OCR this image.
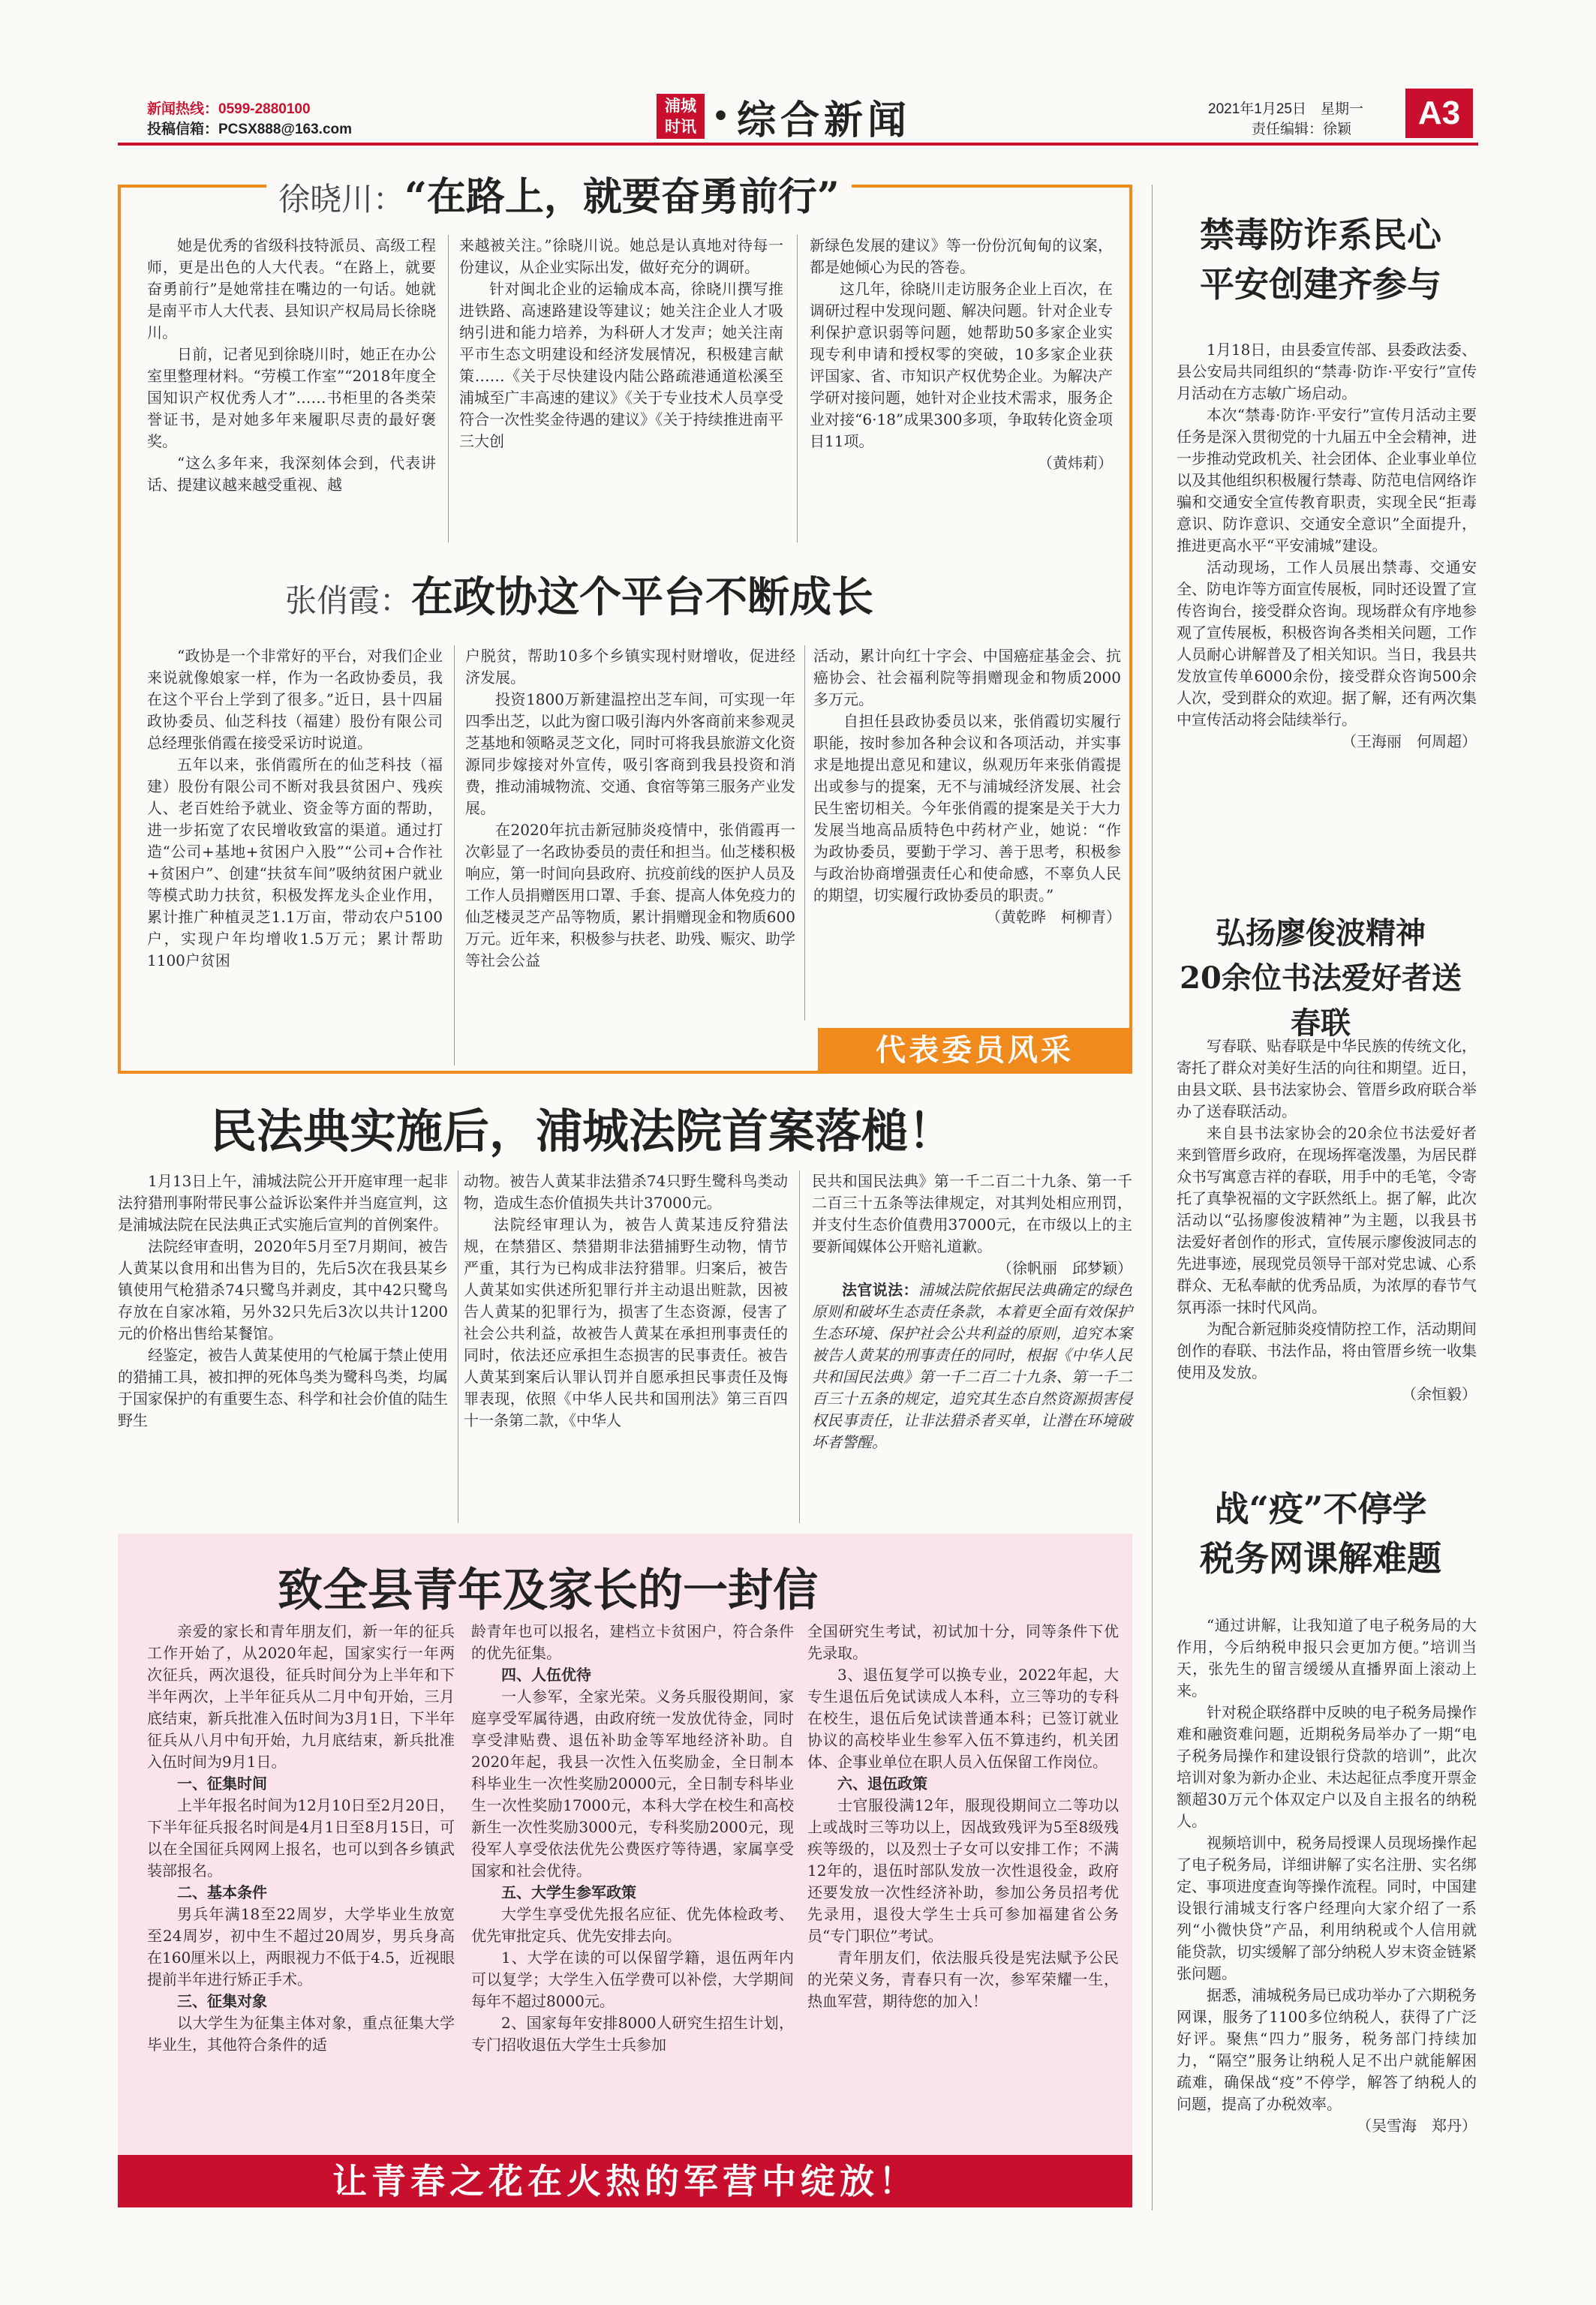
新闻热线：0599-2880100
投稿信箱：PCSX888@163.com
浦城
时讯 • 综合新闻	2021年1月25日　星期一
责任编辑：徐颖	A3
徐晓川：“在路上，就要奋勇前行”

她是优秀的省级科技特派员、高级工程师，更是出色的人大代表。“在路上，就要奋勇前行”是她常挂在嘴边的一句话。她就是南平市人大代表、县知识产权局局长徐晓川。

日前，记者见到徐晓川时，她正在办公室里整理材料。“劳模工作室”“2018年度全国知识产权优秀人才”……书柜里的各类荣誉证书，是对她多年来履职尽责的最好褒奖。

“这么多年来，我深刻体会到，代表讲话、提建议越来越受重视、越

来越被关注。”徐晓川说。她总是认真地对待每一份建议，从企业实际出发，做好充分的调研。

针对闽北企业的运输成本高，徐晓川撰写推进铁路、高速路建设等建议；她关注企业人才吸纳引进和能力培养，为科研人才发声；她关注南平市生态文明建设和经济发展情况，积极建言献策……《关于尽快建设内陆公路疏港通道松溪至浦城至广丰高速的建议》《关于专业技术人员享受符合一次性奖金待遇的建议》《关于持续推进南平三大创

新绿色发展的建议》等一份份沉甸甸的议案，都是她倾心为民的答卷。

这几年，徐晓川走访服务企业上百次，在调研过程中发现问题、解决问题。针对企业专利保护意识弱等问题，她帮助50多家企业实现专利申请和授权零的突破，10多家企业获评国家、省、市知识产权优势企业。为解决产学研对接问题，她针对企业技术需求，服务企业对接“6·18”成果300多项，争取转化资金项目11项。

（黄炜莉）

张俏霞：在政协这个平台不断成长

“政协是一个非常好的平台，对我们企业来说就像娘家一样，作为一名政协委员，我在这个平台上学到了很多。”近日，县十四届政协委员、仙芝科技（福建）股份有限公司总经理张俏霞在接受采访时说道。

五年以来，张俏霞所在的仙芝科技（福建）股份有限公司不断对我县贫困户、残疾人、老百姓给予就业、资金等方面的帮助，进一步拓宽了农民增收致富的渠道。通过打造“公司+基地+贫困户入股”“公司+合作社+贫困户”、创建“扶贫车间”吸纳贫困户就业等模式助力扶贫，积极发挥龙头企业作用，累计推广种植灵芝1.1万亩，带动农户5100户，实现户年均增收1.5万元；累计帮助1100户贫困

户脱贫，帮助10多个乡镇实现村财增收，促进经济发展。

投资1800万新建温控出芝车间，可实现一年四季出芝，以此为窗口吸引海内外客商前来参观灵芝基地和领略灵芝文化，同时可将我县旅游文化资源同步嫁接对外宣传，吸引客商到我县投资和消费，推动浦城物流、交通、食宿等第三服务产业发展。

在2020年抗击新冠肺炎疫情中，张俏霞再一次彰显了一名政协委员的责任和担当。仙芝楼积极响应，第一时间向县政府、抗疫前线的医护人员及工作人员捐赠医用口罩、手套、提高人体免疫力的仙芝楼灵芝产品等物质，累计捐赠现金和物质600万元。近年来，积极参与扶老、助残、赈灾、助学等社会公益

活动，累计向红十字会、中国癌症基金会、抗癌协会、社会福利院等捐赠现金和物质2000多万元。

自担任县政协委员以来，张俏霞切实履行职能，按时参加各种会议和各项活动，并实事求是地提出意见和建议，纵观历年来张俏霞提出或参与的提案，无不与浦城经济发展、社会民生密切相关。今年张俏霞的提案是关于大力发展当地高品质特色中药材产业，她说：“作为政协委员，要勤于学习、善于思考，积极参与政治协商增强责任心和使命感，不辜负人民的期望，切实履行政协委员的职责。”

（黄乾晔　柯柳青）

代表委员风采
民法典实施后，浦城法院首案落槌！

1月13日上午，浦城法院公开开庭审理一起非法狩猎刑事附带民事公益诉讼案件并当庭宣判，这是浦城法院在民法典正式实施后宣判的首例案件。

法院经审查明，2020年5月至7月期间，被告人黄某以食用和出售为目的，先后5次在我县某乡镇使用气枪猎杀74只鹭鸟并剥皮，其中42只鹭鸟存放在自家冰箱，另外32只先后3次以共计1200元的价格出售给某餐馆。

经鉴定，被告人黄某使用的气枪属于禁止使用的猎捕工具，被扣押的死体鸟类为鹭科鸟类，均属于国家保护的有重要生态、科学和社会价值的陆生野生

动物。被告人黄某非法猎杀74只野生鹭科鸟类动物，造成生态价值损失共计37000元。

法院经审理认为，被告人黄某违反狩猎法规，在禁猎区、禁猎期非法猎捕野生动物，情节严重，其行为已构成非法狩猎罪。归案后，被告人黄某如实供述所犯罪行并主动退出赃款，因被告人黄某的犯罪行为，损害了生态资源，侵害了社会公共利益，故被告人黄某在承担刑事责任的同时，依法还应承担生态损害的民事责任。被告人黄某到案后认罪认罚并自愿承担民事责任及悔罪表现，依照《中华人民共和国刑法》第三百四十一条第二款，《中华人

民共和国民法典》第一千二百二十九条、第一千二百三十五条等法律规定，对其判处相应刑罚，并支付生态价值费用37000元，在市级以上的主要新闻媒体公开赔礼道歉。

（徐帆丽　邱梦颖）

法官说法：浦城法院依据民法典确定的绿色原则和破坏生态责任条款，本着更全面有效保护生态环境、保护社会公共利益的原则，追究本案被告人黄某的刑事责任的同时，根据《中华人民共和国民法典》第一千二百二十九条、第一千二百三十五条的规定，追究其生态自然资源损害侵权民事责任，让非法猎杀者买单，让潜在环境破坏者警醒。

致全县青年及家长的一封信

亲爱的家长和青年朋友们，新一年的征兵工作开始了，从2020年起，国家实行一年两次征兵，两次退役，征兵时间分为上半年和下半年两次，上半年征兵从二月中旬开始，三月底结束，新兵批准入伍时间为3月1日，下半年征兵从八月中旬开始，九月底结束，新兵批准入伍时间为9月1日。

一、征集时间

上半年报名时间为12月10日至2月20日，下半年征兵报名时间是4月1日至8月15日，可以在全国征兵网网上报名，也可以到各乡镇武装部报名。

二、基本条件

男兵年满18至22周岁，大学毕业生放宽至24周岁，初中生不超过20周岁，男兵身高在160厘米以上，两眼视力不低于4.5，近视眼提前半年进行矫正手术。

三、征集对象

以大学生为征集主体对象，重点征集大学毕业生，其他符合条件的适

龄青年也可以报名，建档立卡贫困户，符合条件的优先征集。

四、人伍优待

一人参军，全家光荣。义务兵服役期间，家庭享受军属待遇，由政府统一发放优待金，同时享受津贴费、退伍补助金等军地经济补助。自2020年起，我县一次性入伍奖励金，全日制本科毕业生一次性奖励20000元，全日制专科毕业生一次性奖励17000元，本科大学在校生和高校新生一次性奖励3000元，专科奖励2000元，现役军人享受依法优先公费医疗等待遇，家属享受国家和社会优待。

五、大学生参军政策

大学生享受优先报名应征、优先体检政考、优先审批定兵、优先安排去向。

1、大学在读的可以保留学籍，退伍两年内可以复学；大学生入伍学费可以补偿，大学期间每年不超过8000元。

2、国家每年安排8000人研究生招生计划，专门招收退伍大学生士兵参加

全国研究生考试，初试加十分，同等条件下优先录取。

3、退伍复学可以换专业，2022年起，大专生退伍后免试读成人本科，立三等功的专科在校生，退伍后免试读普通本科；已签订就业协议的高校毕业生参军入伍不算违约，机关团体、企事业单位在职人员入伍保留工作岗位。

六、退伍政策

士官服役满12年，服现役期间立二等功以上或战时三等功以上，因战致残评为5至8级残疾等级的，以及烈士子女可以安排工作；不满12年的，退伍时部队发放一次性退役金，政府还要发放一次性经济补助，参加公务员招考优先录用，退役大学生士兵可参加福建省公务员“专门职位”考试。

青年朋友们，依法服兵役是宪法赋予公民的光荣义务，青春只有一次，参军荣耀一生，热血军营，期待您的加入！

让青春之花在火热的军营中绽放！
禁毒防诈系民心
平安创建齐参与

1月18日，由县委宣传部、县委政法委、县公安局共同组织的“禁毒·防诈·平安行”宣传月活动在方志敏广场启动。

本次“禁毒·防诈·平安行”宣传月活动主要任务是深入贯彻党的十九届五中全会精神，进一步推动党政机关、社会团体、企业事业单位以及其他组织积极履行禁毒、防范电信网络诈骗和交通安全宣传教育职责，实现全民“拒毒意识、防诈意识、交通安全意识”全面提升，推进更高水平“平安浦城”建设。

活动现场，工作人员展出禁毒、交通安全、防电诈等方面宣传展板，同时还设置了宣传咨询台，接受群众咨询。现场群众有序地参观了宣传展板，积极咨询各类相关问题，工作人员耐心讲解普及了相关知识。当日，我县共发放宣传单6000余份，接受群众咨询500余人次，受到群众的欢迎。据了解，还有两次集中宣传活动将会陆续举行。

（王海丽　何周超）

弘扬廖俊波精神
20余位书法爱好者送春联

写春联、贴春联是中华民族的传统文化，寄托了群众对美好生活的向往和期望。近日，由县文联、县书法家协会、管厝乡政府联合举办了送春联活动。

来自县书法家协会的20余位书法爱好者来到管厝乡政府，在现场挥毫泼墨，为居民群众书写寓意吉祥的春联，用手中的毛笔，令寄托了真挚祝福的文字跃然纸上。据了解，此次活动以“弘扬廖俊波精神”为主题，以我县书法爱好者创作的形式，宣传展示廖俊波同志的先进事迹，展现党员领导干部对党忠诚、心系群众、无私奉献的优秀品质，为浓厚的春节气氛再添一抹时代风尚。

为配合新冠肺炎疫情防控工作，活动期间创作的春联、书法作品，将由管厝乡统一收集使用及发放。

（余恒毅）

战“疫”不停学
税务网课解难题

“通过讲解，让我知道了电子税务局的大作用，今后纳税申报只会更加方便。”培训当天，张先生的留言缓缓从直播界面上滚动上来。

针对税企联络群中反映的电子税务局操作难和融资难问题，近期税务局举办了一期“电子税务局操作和建设银行贷款的培训”，此次培训对象为新办企业、未达起征点季度开票金额超30万元个体双定户以及自主报名的纳税人。

视频培训中，税务局授课人员现场操作起了电子税务局，详细讲解了实名注册、实名绑定、事项进度查询等操作流程。同时，中国建设银行浦城支行客户经理向大家介绍了一系列“小微快贷”产品，利用纳税或个人信用就能贷款，切实缓解了部分纳税人岁末资金链紧张问题。

据悉，浦城税务局已成功举办了六期税务网课，服务了1100多位纳税人，获得了广泛好评。聚焦“四力”服务，税务部门持续加力，“隔空”服务让纳税人足不出户就能解困疏难，确保战“疫”不停学，解答了纳税人的问题，提高了办税效率。

（吴雪海　郑丹）
